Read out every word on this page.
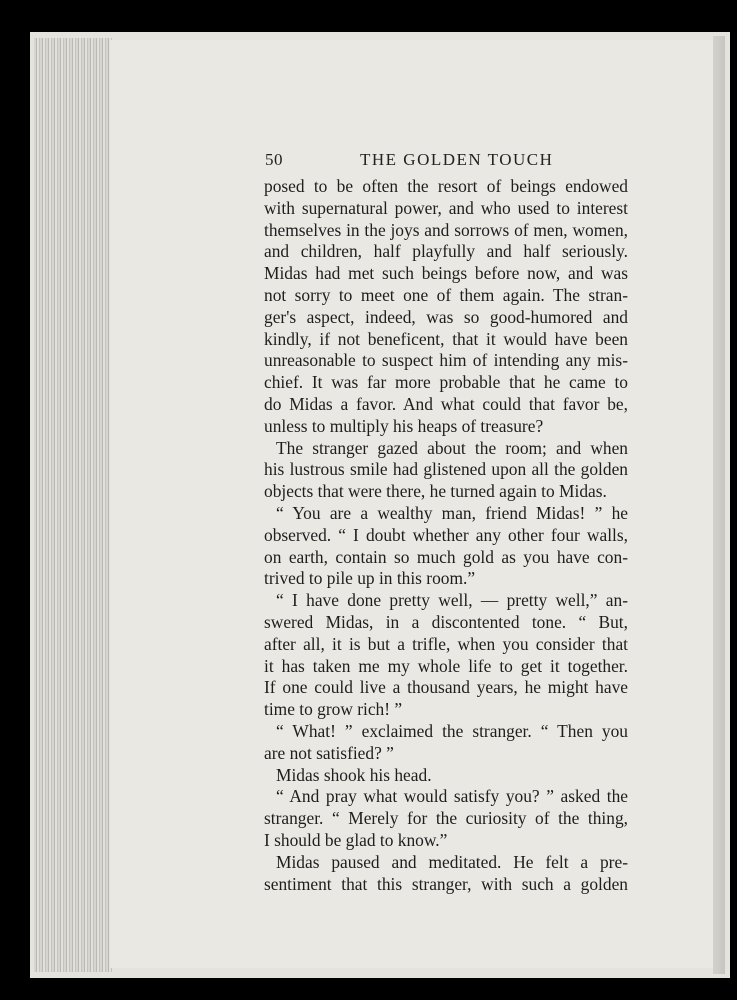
50	THE GOLDEN TOUCH
posed to be often the resort of beings endowed
with supernatural power, and who used to interest
themselves in the joys and sorrows of men, women,
and children, half playfully and half seriously.
Midas had met such beings before now, and was
not sorry to meet one of them again. The stran-
ger's aspect, indeed, was so good-humored and
kindly, if not beneficent, that it would have been
unreasonable to suspect him of intending any mis-
chief. It was far more probable that he came to
do Midas a favor. And what could that favor be,
unless to multiply his heaps of treasure?
The stranger gazed about the room; and when
his lustrous smile had glistened upon all the golden
objects that were there, he turned again to Midas.
“ You are a wealthy man, friend Midas! ” he
observed. “ I doubt whether any other four walls,
on earth, contain so much gold as you have con-
trived to pile up in this room.”
“ I have done pretty well, — pretty well,” an-
swered Midas, in a discontented tone. “ But,
after all, it is but a trifle, when you consider that
it has taken me my whole life to get it together.
If one could live a thousand years, he might have
time to grow rich! ”
“ What! ” exclaimed the stranger. “ Then you
are not satisfied? ”
Midas shook his head.
“ And pray what would satisfy you? ” asked the
stranger. “ Merely for the curiosity of the thing,
I should be glad to know.”
Midas paused and meditated. He felt a pre-
sentiment that this stranger, with such a golden
